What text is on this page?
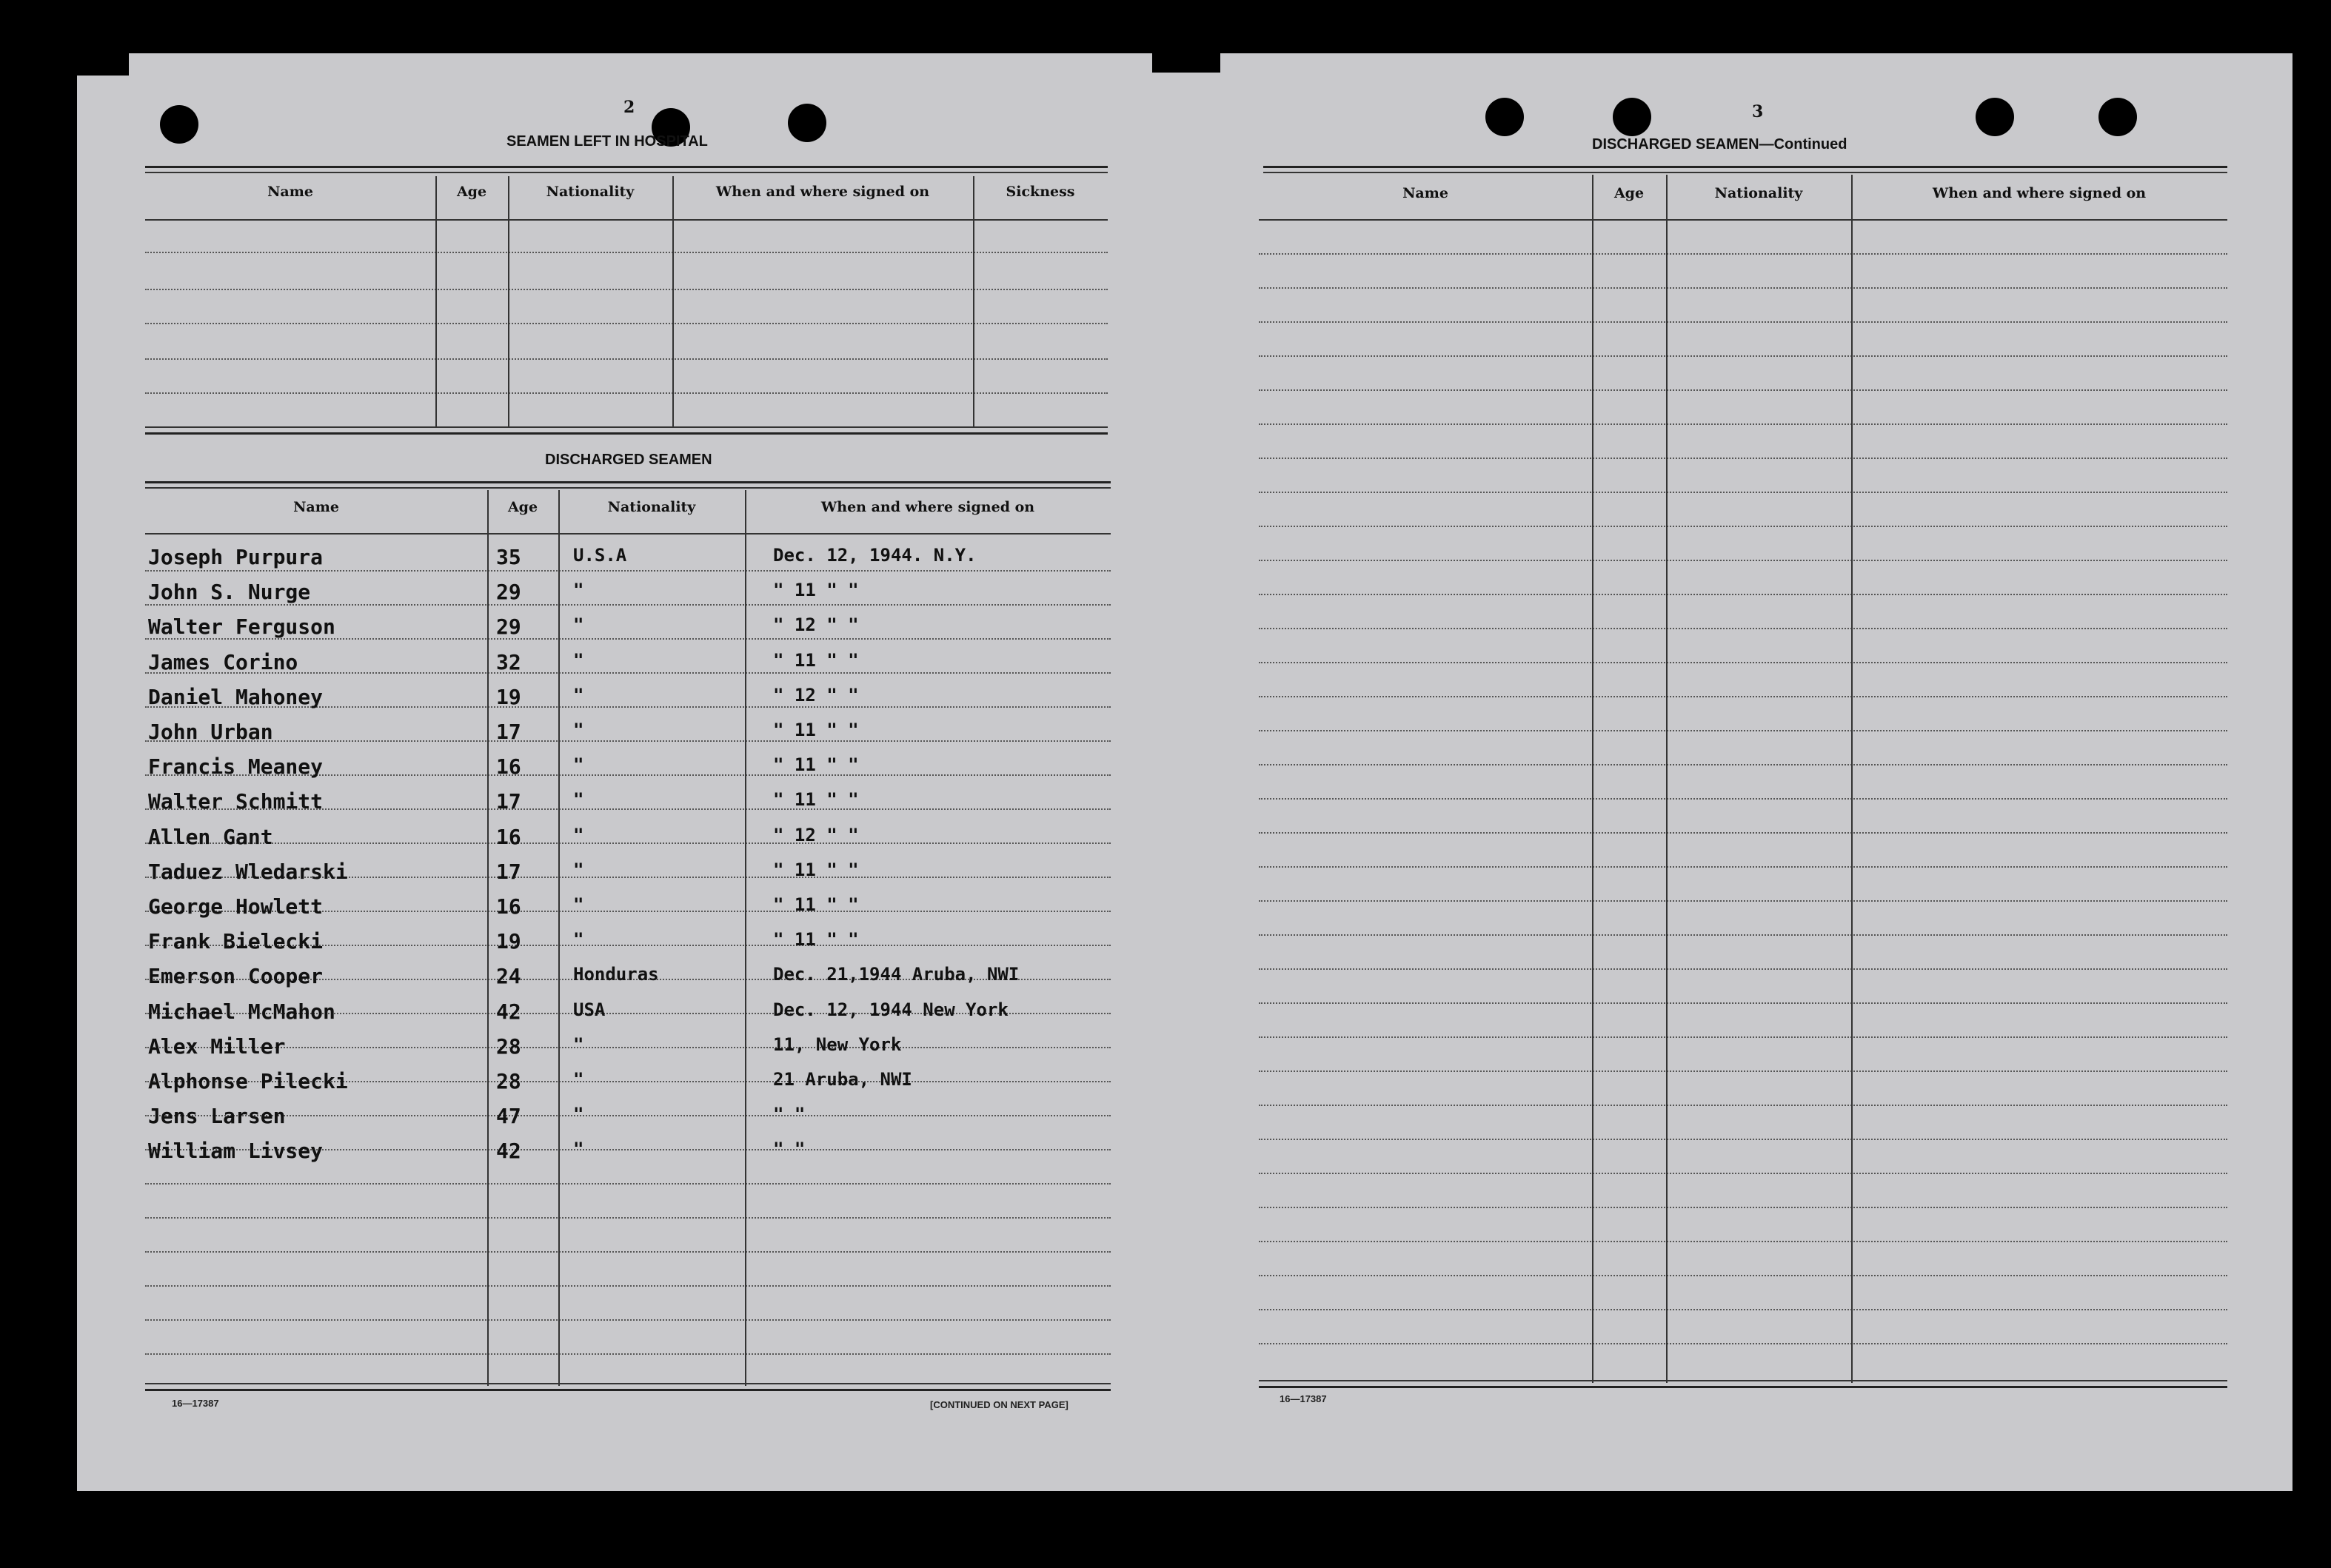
2
SEAMEN LEFT IN HOSPITAL
Name	Age	Nationality	When and where signed on	Sickness
DISCHARGED SEAMEN
Name	Age	Nationality	When and where signed on
Joseph Purpura	35	U.S.A	Dec. 12, 1944. N.Y.
John S. Nurge	29	"	" 11 " "
Walter Ferguson	29	"	" 12 " "
James Corino	32	"	" 11 " "
Daniel Mahoney	19	"	" 12 " "
John Urban	17	"	" 11 " "
Francis Meaney	16	"	" 11 " "
Walter Schmitt	17	"	" 11 " "
Allen Gant	16	"	" 12 " "
Taduez Wledarski	17	"	" 11 " "
George Howlett	16	"	" 11 " "
Frank Bielecki	19	"	" 11 " "
Emerson Cooper	24	Honduras	Dec. 21,1944 Aruba, NWI
Michael McMahon	42	USA	Dec. 12, 1944 New York
Alex Miller	28	"	11, New York
Alphonse Pilecki	28	"	21 Aruba, NWI
Jens Larsen	47	"	" "
William Livsey	42	"	" "
16—17387	[CONTINUED ON NEXT PAGE]
3
DISCHARGED SEAMEN—Continued
Name	Age	Nationality	When and where signed on
16—17387
